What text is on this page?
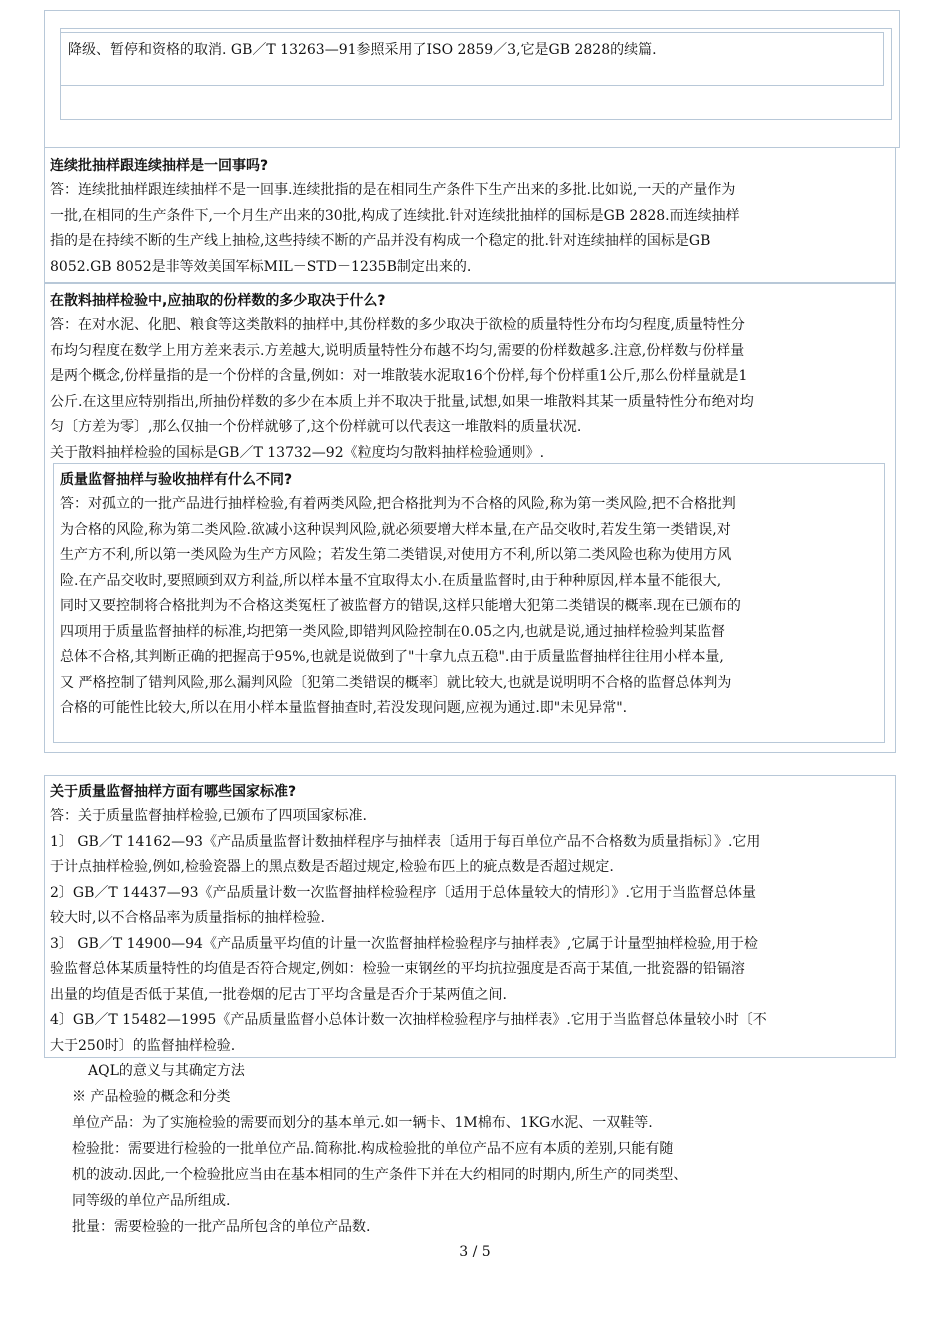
降级、暂停和资格的取消. GB／T 13263—91参照采用了ISO 2859／3,它是GB 2828的续篇.
连续批抽样跟连续抽样是一回事吗?
答：连续批抽样跟连续抽样不是一回事.连续批指的是在相同生产条件下生产出来的多批.比如说,一天的产量作为
一批,在相同的生产条件下,一个月生产出来的30批,构成了连续批.针对连续批抽样的国标是GB 2828.而连续抽样
指的是在持续不断的生产线上抽检,这些持续不断的产品并没有构成一个稳定的批.针对连续抽样的国标是GB
8052.GB 8052是非等效美国军标MIL－STD－1235B制定出来的.
在散料抽样检验中,应抽取的份样数的多少取决于什么?
答：在对水泥、化肥、粮食等这类散料的抽样中,其份样数的多少取决于欲检的质量特性分布均匀程度,质量特性分
布均匀程度在数学上用方差来表示.方差越大,说明质量特性分布越不均匀,需要的份样数越多.注意,份样数与份样量
是两个概念,份样量指的是一个份样的含量,例如：对一堆散装水泥取16个份样,每个份样重1公斤,那么份样量就是1
公斤.在这里应特别指出,所抽份样数的多少在本质上并不取决于批量,试想,如果一堆散料其某一质量特性分布绝对均
匀〔方差为零〕,那么仅抽一个份样就够了,这个份样就可以代表这一堆散料的质量状况.
关于散料抽样检验的国标是GB／T 13732—92《粒度均匀散料抽样检验通则》.
质量监督抽样与验收抽样有什么不同?
答：对孤立的一批产品进行抽样检验,有着两类风险,把合格批判为不合格的风险,称为第一类风险,把不合格批判
为合格的风险,称为第二类风险.欲减小这种误判风险,就必须要增大样本量,在产品交收时,若发生第一类错误,对
生产方不利,所以第一类风险为生产方风险；若发生第二类错误,对使用方不利,所以第二类风险也称为使用方风
险.在产品交收时,要照顾到双方利益,所以样本量不宜取得太小.在质量监督时,由于种种原因,样本量不能很大,
同时又要控制将合格批判为不合格这类冤枉了被监督方的错误,这样只能增大犯第二类错误的概率.现在已颁布的
四项用于质量监督抽样的标准,均把第一类风险,即错判风险控制在0.05之内,也就是说,通过抽样检验判某监督
总体不合格,其判断正确的把握高于95%,也就是说做到了"十拿九点五稳".由于质量监督抽样往往用小样本量,
又 严格控制了错判风险,那么漏判风险〔犯第二类错误的概率〕就比较大,也就是说明明不合格的监督总体判为
合格的可能性比较大,所以在用小样本量监督抽查时,若没发现问题,应视为通过.即"未见异常".
关于质量监督抽样方面有哪些国家标准?
答：关于质量监督抽样检验,已颁布了四项国家标准.
1〕 GB／T 14162—93《产品质量监督计数抽样程序与抽样表〔适用于每百单位产品不合格数为质量指标〕》.它用
于计点抽样检验,例如,检验瓷器上的黑点数是否超过规定,检验布匹上的疵点数是否超过规定.
2〕GB／T 14437—93《产品质量计数一次监督抽样检验程序〔适用于总体量较大的情形〕》.它用于当监督总体量
较大时,以不合格品率为质量指标的抽样检验.
3〕 GB／T 14900—94《产品质量平均值的计量一次监督抽样检验程序与抽样表》,它属于计量型抽样检验,用于检
验监督总体某质量特性的均值是否符合规定,例如：检验一束钢丝的平均抗拉强度是否高于某值,一批瓷器的铅镉溶
出量的均值是否低于某值,一批卷烟的尼古丁平均含量是否介于某两值之间.
4〕GB／T 15482—1995《产品质量监督小总体计数一次抽样检验程序与抽样表》.它用于当监督总体量较小时〔不
大于250时〕的监督抽样检验.
AQL的意义与其确定方法
※ 产品检验的概念和分类
单位产品：为了实施检验的需要而划分的基本单元.如一辆卡、1M棉布、1KG水泥、一双鞋等.
检验批：需要进行检验的一批单位产品.简称批.构成检验批的单位产品不应有本质的差别,只能有随
机的波动.因此,一个检验批应当由在基本相同的生产条件下并在大约相同的时期内,所生产的同类型、
同等级的单位产品所组成.
批量：需要检验的一批产品所包含的单位产品数.
3 / 5
